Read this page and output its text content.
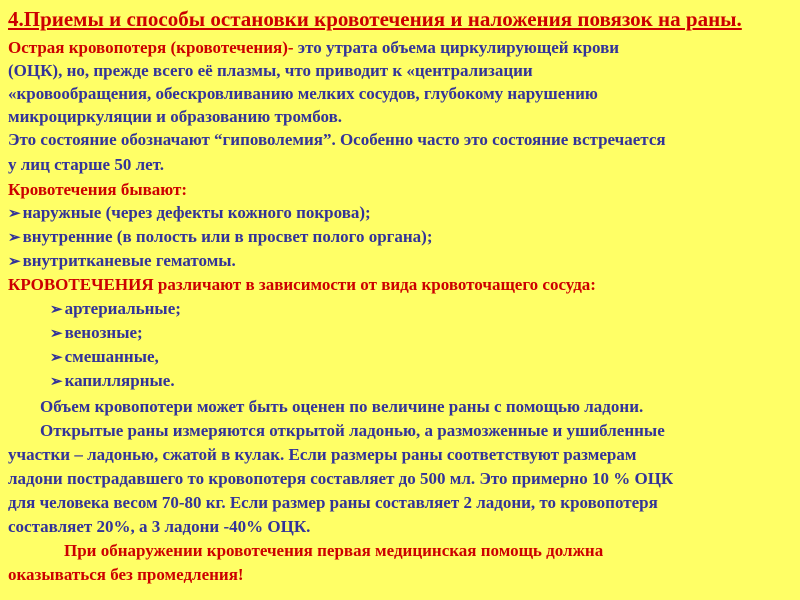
4.Приемы и способы остановки кровотечения и наложения повязок на раны.
Острая кровопотеря (кровотечения)- это утрата объема циркулирующей крови
(ОЦК), но, прежде всего её плазмы, что приводит к «централизации
«кровообращения, обескровливанию мелких сосудов, глубокому нарушению
микроциркуляции и образованию тромбов.
Это состояние обозначают “гиповолемия”. Особенно часто это состояние встречается
у лиц старше 50 лет.
Кровотечения бывают:
➢ наружные (через дефекты кожного покрова);
➢ внутренние (в полость или в просвет полого органа);
➢ внутритканевые гематомы.
КРОВОТЕЧЕНИЯ различают в зависимости от вида кровоточащего сосуда:
➢ артериальные;
➢ венозные;
➢ смешанные,
➢ капиллярные.
Объем кровопотери может быть оценен по величине раны с помощью ладони.
Открытые раны измеряются открытой ладонью, а размозженные и ушибленные
участки – ладонью, сжатой в кулак. Если размеры раны соответствуют размерам
ладони пострадавшего то кровопотеря составляет до 500 мл. Это примерно 10 % ОЦК
для человека весом 70-80 кг. Если размер раны составляет 2 ладони, то кровопотеря
составляет 20%, а 3 ладони -40% ОЦК.
При обнаружении кровотечения первая медицинская помощь должна
оказываться без промедления!
